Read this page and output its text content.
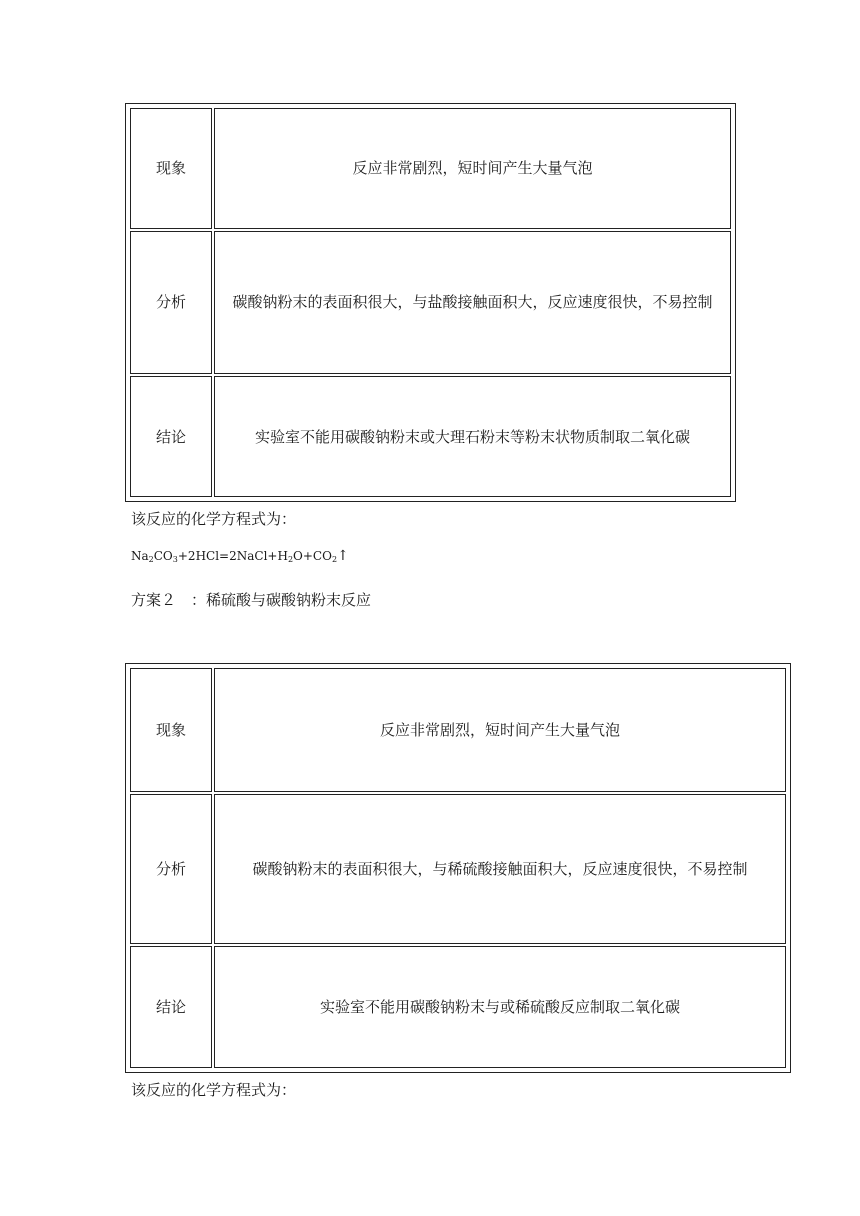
现象	反应非常剧烈，短时间产生大量气泡
分析	碳酸钠粉末的表面积很大，与盐酸接触面积大，反应速度很快，不易控制
结论	实验室不能用碳酸钠粉末或大理石粉末等粉末状物质制取二氧化碳
该反应的化学方程式为：
$Na_2CO_3+2HCl=2NaCl+H_2O+CO_2↑$
方案２　：稀硫酸与碳酸钠粉末反应
现象	反应非常剧烈，短时间产生大量气泡
分析	碳酸钠粉末的表面积很大，与稀硫酸接触面积大，反应速度很快，不易控制
结论	实验室不能用碳酸钠粉末与或稀硫酸反应制取二氧化碳
该反应的化学方程式为：
